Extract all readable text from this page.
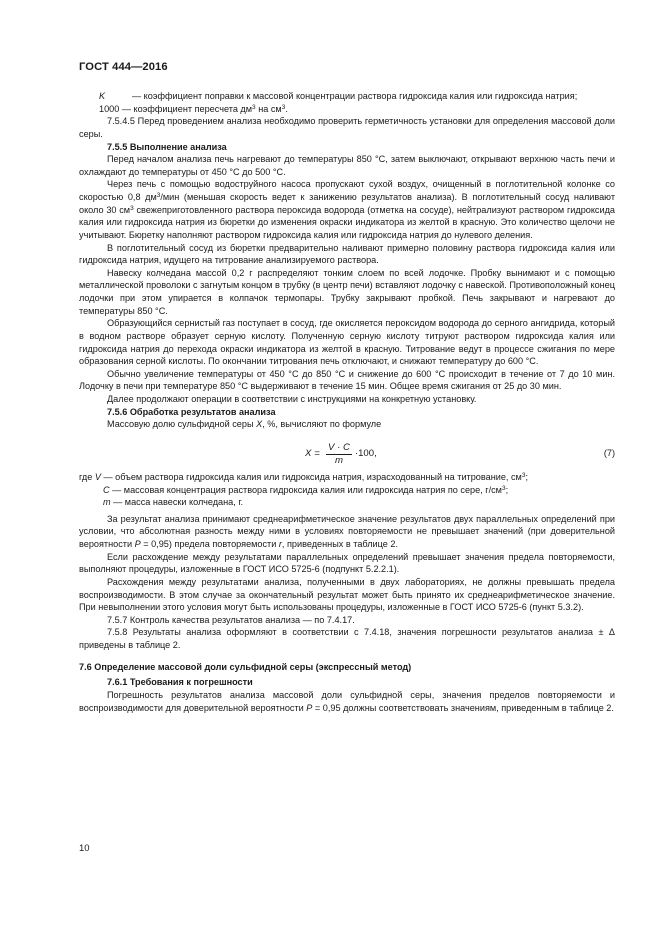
ГОСТ 444—2016

K	— коэффициент поправки к массовой концентрации раствора гидроксида калия или гидроксида натрия;

1000 — коэффициент пересчета $дм^3$ на $см^3$.

7.5.4.5 Перед проведением анализа необходимо проверить герметичность установки для определения массовой доли серы.

7.5.5 Выполнение анализа

Перед началом анализа печь нагревают до температуры 850 °С, затем выключают, открывают верхнюю часть печи и охлаждают до температуры от 450 °С до 500 °С.

Через печь с помощью водоструйного насоса пропускают сухой воздух, очищенный в поглотительной колонке со скоростью 0,8 $дм^3$/мин (меньшая скорость ведет к занижению результатов анализа). В поглотительный сосуд наливают около 30 $см^3$ свежеприготовленного раствора пероксида водорода (отметка на сосуде), нейтрализуют раствором гидроксида калия или гидроксида натрия из бюретки до изменения окраски индикатора из желтой в красную. Это количество щелочи не учитывают. Бюретку наполняют раствором гидроксида калия или гидроксида натрия до нулевого деления.

В поглотительный сосуд из бюретки предварительно наливают примерно половину раствора гидроксида калия или гидроксида натрия, идущего на титрование анализируемого раствора.

Навеску колчедана массой 0,2 г распределяют тонким слоем по всей лодочке. Пробку вынимают и с помощью металлической проволоки с загнутым концом в трубку (в центр печи) вставляют лодочку с навеской. Противоположный конец лодочки при этом упирается в колпачок термопары. Трубку закрывают пробкой. Печь закрывают и нагревают до температуры 850 °С.

Образующийся сернистый газ поступает в сосуд, где окисляется пероксидом водорода до серного ангидрида, который в водном растворе образует серную кислоту. Полученную серную кислоту титруют раствором гидроксида калия или гидроксида натрия до перехода окраски индикатора из желтой в красную. Титрование ведут в процессе сжигания по мере образования серной кислоты. По окончании титрования печь отключают, и снижают температуру до 600 °С.

Обычно увеличение температуры от 450 °С до 850 °С и снижение до 600 °С происходит в течение от 7 до 10 мин. Лодочку в печи при температуре 850 °С выдерживают в течение 15 мин. Общее время сжигания от 25 до 30 мин.

Далее продолжают операции в соответствии с инструкциями на конкретную установку.

7.5.6 Обработка результатов анализа

Массовую долю сульфидной серы X, %, вычисляют по формуле

$X = \frac{V \cdot C}{m} \cdot 100$,	(7)

где V — объем раствора гидроксида калия или гидроксида натрия, израсходованный на титрование, $см^3$;

C — массовая концентрация раствора гидроксида калия или гидроксида натрия по сере, $г/см^3$;

m — масса навески колчедана, г.

За результат анализа принимают среднеарифметическое значение результатов двух параллельных определений при условии, что абсолютная разность между ними в условиях повторяемости не превышает значений (при доверительной вероятности P = 0,95) предела повторяемости r, приведенных в таблице 2.

Если расхождение между результатами параллельных определений превышает значения предела повторяемости, выполняют процедуры, изложенные в ГОСТ ИСО 5725-6 (подпункт 5.2.2.1).

Расхождения между результатами анализа, полученными в двух лабораториях, не должны превышать предела воспроизводимости. В этом случае за окончательный результат может быть принято их среднеарифметическое значение. При невыполнении этого условия могут быть использованы процедуры, изложенные в ГОСТ ИСО 5725-6 (пункт 5.3.2).

7.5.7 Контроль качества результатов анализа — по 7.4.17.

7.5.8 Результаты анализа оформляют в соответствии с 7.4.18, значения погрешности результатов анализа ± Δ приведены в таблице 2.

7.6 Определение массовой доли сульфидной серы (экспрессный метод)

7.6.1 Требования к погрешности

Погрешность результатов анализа массовой доли сульфидной серы, значения пределов повторяемости и воспроизводимости для доверительной вероятности P = 0,95 должны соответствовать значениям, приведенным в таблице 2.

10
